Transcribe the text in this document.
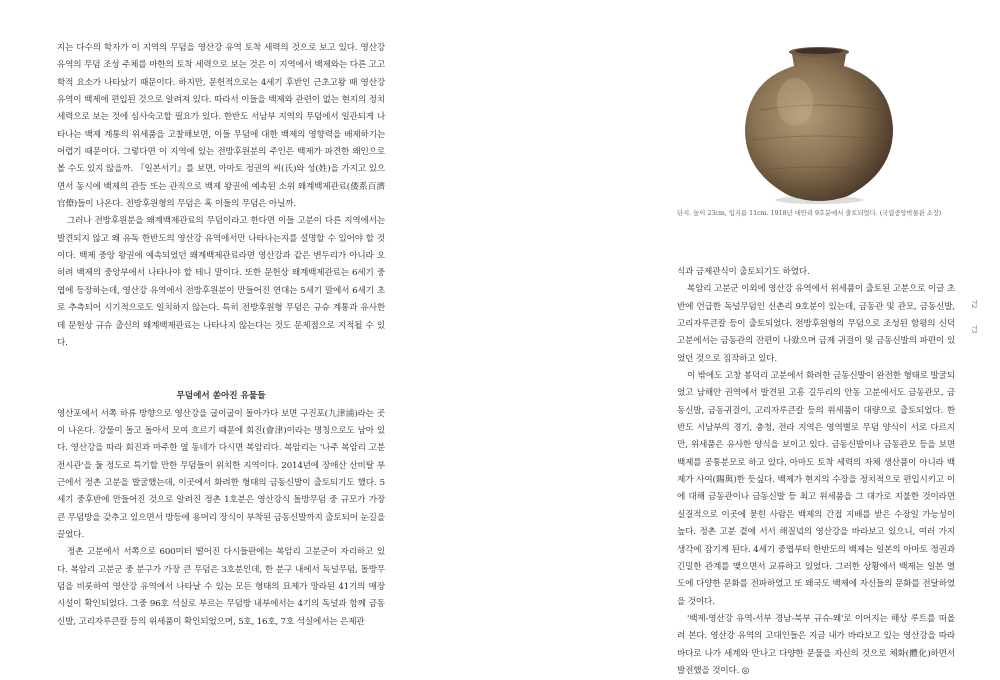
지는 다수의 학자가 이 지역의 무덤을 영산강 유역 토착 세력의 것으로 보고 있다. 영산강 유역의 무덤 조성 주체를 마한의 토착 세력으로 보는 것은 이 지역에서 백제와는 다른 고고학적 요소가 나타났기 때문이다. 하지만, 문헌적으로는 4세기 후반인 근초고왕 때 영산강 유역이 백제에 편입된 것으로 알려져 있다. 따라서 이들을 백제와 관련이 없는 현지의 정치 세력으로 보는 것에 심사숙고할 필요가 있다. 한반도 서남부 지역의 무덤에서 일관되게 나타나는 백제 계통의 위세품을 고찰해보면, 이들 무덤에 대한 백제의 영향력을 배제하기는 어렵기 때문이다. 그렇다면 이 지역에 있는 전방후원분의 주인은 백제가 파견한 왜인으로 볼 수도 있지 않을까. 『일본서기』를 보면, 아마토 정권의 씨(氏)와 성(姓)을 가지고 있으면서 동시에 백제의 관등 또는 관직으로 백제 왕권에 예속된 소위 왜계백제관료(倭系百濟官僚)들이 나온다. 전방후원형의 무덤은 혹 이들의 무덤은 아닐까.

그러나 전방후원분을 왜계백제관료의 무덤이라고 한다면 이들 고분이 다른 지역에서는 발견되지 않고 왜 유독 한반도의 영산강 유역에서만 나타나는지를 설명할 수 있어야 할 것이다. 백제 중앙 왕권에 예속되었던 왜계백제관료라면 영산강과 같은 변두리가 아니라 오히려 백제의 중앙부에서 나타나야 할 테니 말이다. 또한 문헌상 왜계백제관료는 6세기 중엽에 등장하는데, 영산강 유역에서 전방후원분이 만들어진 연대는 5세기 말에서 6세기 초로 추측되어 시기적으로도 일치하지 않는다. 특히 전방후원형 무덤은 규슈 계통과 유사한데 문헌상 규슈 출신의 왜계백제관료는 나타나지 않는다는 것도 문제점으로 지적될 수 있다.

무덤에서 쏟아진 유물들

영산포에서 서쪽 하류 방향으로 영산강을 굽이굽이 돌아가다 보면 구진포(九津浦)라는 곳이 나온다. 강물이 돌고 돌아서 모여 흐르기 때문에 회진(會津)이라는 명칭으로도 남아 있다. 영산강을 따라 회진과 마주한 옆 동네가 다시면 복암리다. 복암리는 '나주 복암리 고분전시관'을 둘 정도로 특기할 만한 무덤들이 위치한 지역이다. 2014년에 장애산 산비탈 부근에서 정촌 고분을 발굴했는데, 이곳에서 화려한 형태의 금동신발이 출토되기도 했다. 5세기 중후반에 만들어진 것으로 알려진 정촌 1호분은 영산강식 돌방무덤 중 규모가 가장 큰 무덤방을 갖추고 있으면서 방등에 용머리 장식이 부착된 금동신발까지 출토되어 눈길을 끌었다.

정촌 고분에서 서쪽으로 600미터 떨어진 다시들판에는 복암리 고분군이 자리하고 있다. 복암리 고분군 중 분구가 가장 큰 무덤은 3호분인데, 한 분구 내에서 독널무덤, 돌방무덤을 비롯하여 영산강 유역에서 나타날 수 있는 모든 형태의 묘제가 망라된 41기의 매장 시설이 확인되었다. 그중 96호 석실로 부르는 무덤방 내부에서는 4기의 독널과 함께 금동신발, 고리자루큰칼 등의 위세품이 확인되었으며, 5호, 16호, 7호 석실에서는 은제관

단지. 높이 23cm, 입지름 11cm. 1918년 대안리 9호분에서 출토되었다. (국립중앙박물관 소장)

식과 금제관식이 출토되기도 하였다.

복암리 고분군 이외에 영산강 유역에서 위세품이 출토된 고분으로 이글 초반에 언급한 독널무덤인 신촌리 9호분이 있는데, 금동관 및 관모, 금동신발, 고리자루큰칼 등이 출토되었다. 전방후원형의 무덤으로 조성된 함평의 신덕 고분에서는 금동관의 잔편이 나왔으며 금제 귀걸이 및 금동신발의 파편이 있었던 것으로 짐작하고 있다.

이 밖에도 고창 봉덕리 고분에서 화려한 금동신발이 완전한 형태로 발굴되었고 남해안 권역에서 발견된 고흥 길두리의 안동 고분에서도 금동관모, 금동신발, 금동귀걸이, 고리자루큰칼 등의 위세품이 대량으로 출토되었다. 한반도 서남부의 경기, 충청, 전라 지역은 영역별로 무덤 양식이 서로 다르지만, 위세품은 유사한 양식을 보이고 있다. 금동신발이나 금동관모 등을 보면 백제를 공통분모로 하고 있다. 아마도 토착 세력의 자체 생산품이 아니라 백제가 사여(賜與)한 듯싶다. 백제가 현지의 수장을 정치적으로 편입시키고 이에 대해 금동관이나 금동신발 등 최고 위세품을 그 대가로 지불한 것이라면 실질적으로 이곳에 묻힌 사람은 백제의 간접 지배를 받은 수장일 가능성이 높다. 정촌 고분 곁에 서서 해질녘의 영산강을 바라보고 있으니, 여러 가지 생각에 잠기게 된다. 4세기 중엽부터 한반도의 백제는 일본의 아마토 정권과 긴밀한 관계를 맺으면서 교류하고 있었다. 그러한 상황에서 백제는 일본 열도에 다양한 문화를 전파하였고 또 왜국도 백제에 자신들의 문화를 전달하였을 것이다.

'백제-영산강 유역-서부 경남-북부 규슈-왜'로 이어지는 해상 루트를 떠올려 본다. 영산강 유역의 고대인들은 지금 내가 바라보고 있는 영산강을 따라 바다로 나가 세계와 만나고 다양한 문물을 자신의 것으로 체화(體化)하면서 발전했을 것이다. ◎

72
73
